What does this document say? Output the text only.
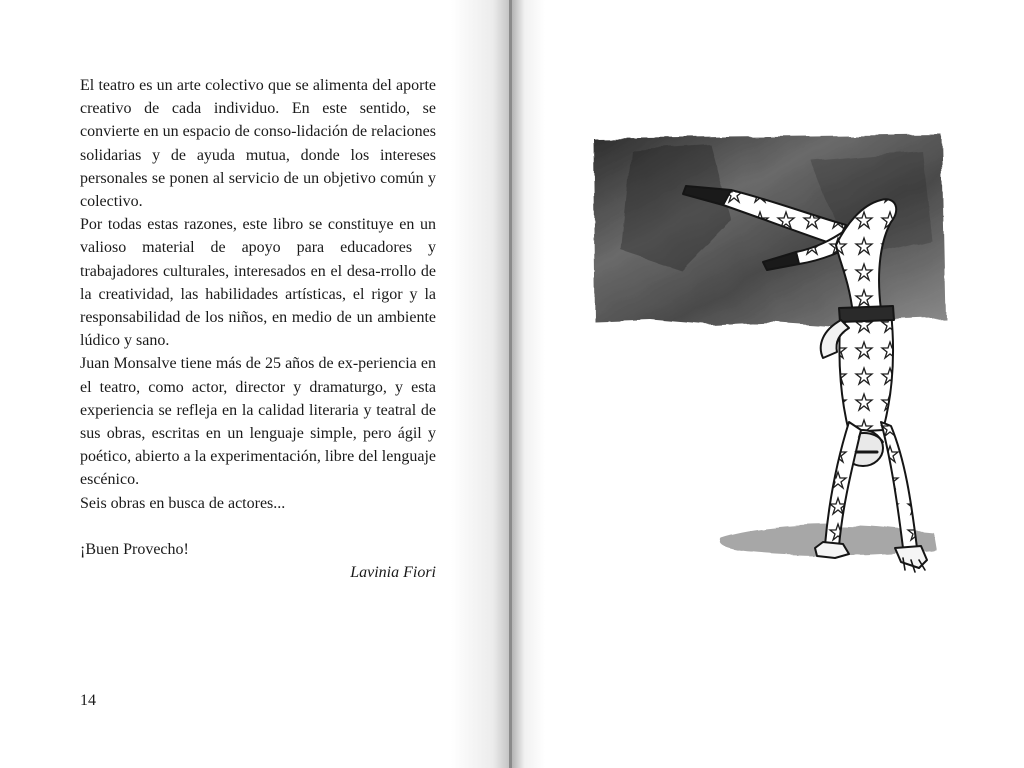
El teatro es un arte colectivo que se alimenta del aporte creativo de cada individuo. En este sentido, se convierte en un espacio de conso-lidación de relaciones solidarias y de ayuda mutua, donde los intereses personales se ponen al servicio de un objetivo común y colectivo.

Por todas estas razones, este libro se constituye en un valioso material de apoyo para educadores y trabajadores culturales, interesados en el desa-rrollo de la creatividad, las habilidades artísticas, el rigor y la responsabilidad de los niños, en medio de un ambiente lúdico y sano.

Juan Monsalve tiene más de 25 años de ex-periencia en el teatro, como actor, director y dramaturgo, y esta experiencia se refleja en la calidad literaria y teatral de sus obras, escritas en un lenguaje simple, pero ágil y poético, abierto a la experimentación, libre del lenguaje escénico.

Seis obras en busca de actores...

¡Buen Provecho!

Lavinia Fiori

14
